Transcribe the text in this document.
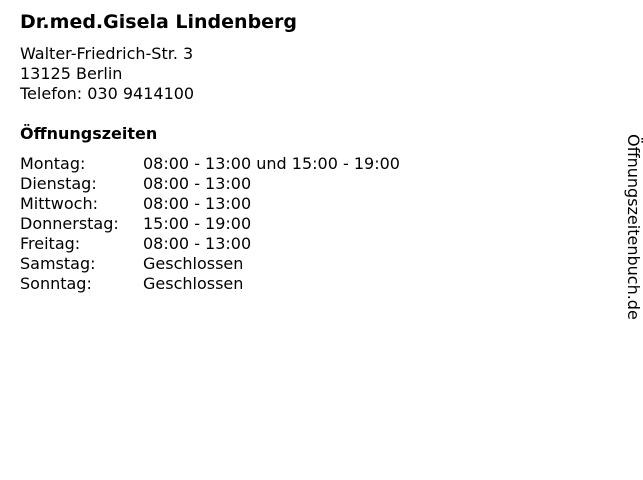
Dr.med.Gisela Lindenberg
Walter-Friedrich-Str. 3
13125 Berlin
Telefon: 030 9414100
Öffnungszeiten
Montag:	08:00 - 13:00 und 15:00 - 19:00
Dienstag:	08:00 - 13:00
Mittwoch:	08:00 - 13:00
Donnerstag:	15:00 - 19:00
Freitag:	08:00 - 13:00
Samstag:	Geschlossen
Sonntag:	Geschlossen	Öffnungszeitenbuch.de
